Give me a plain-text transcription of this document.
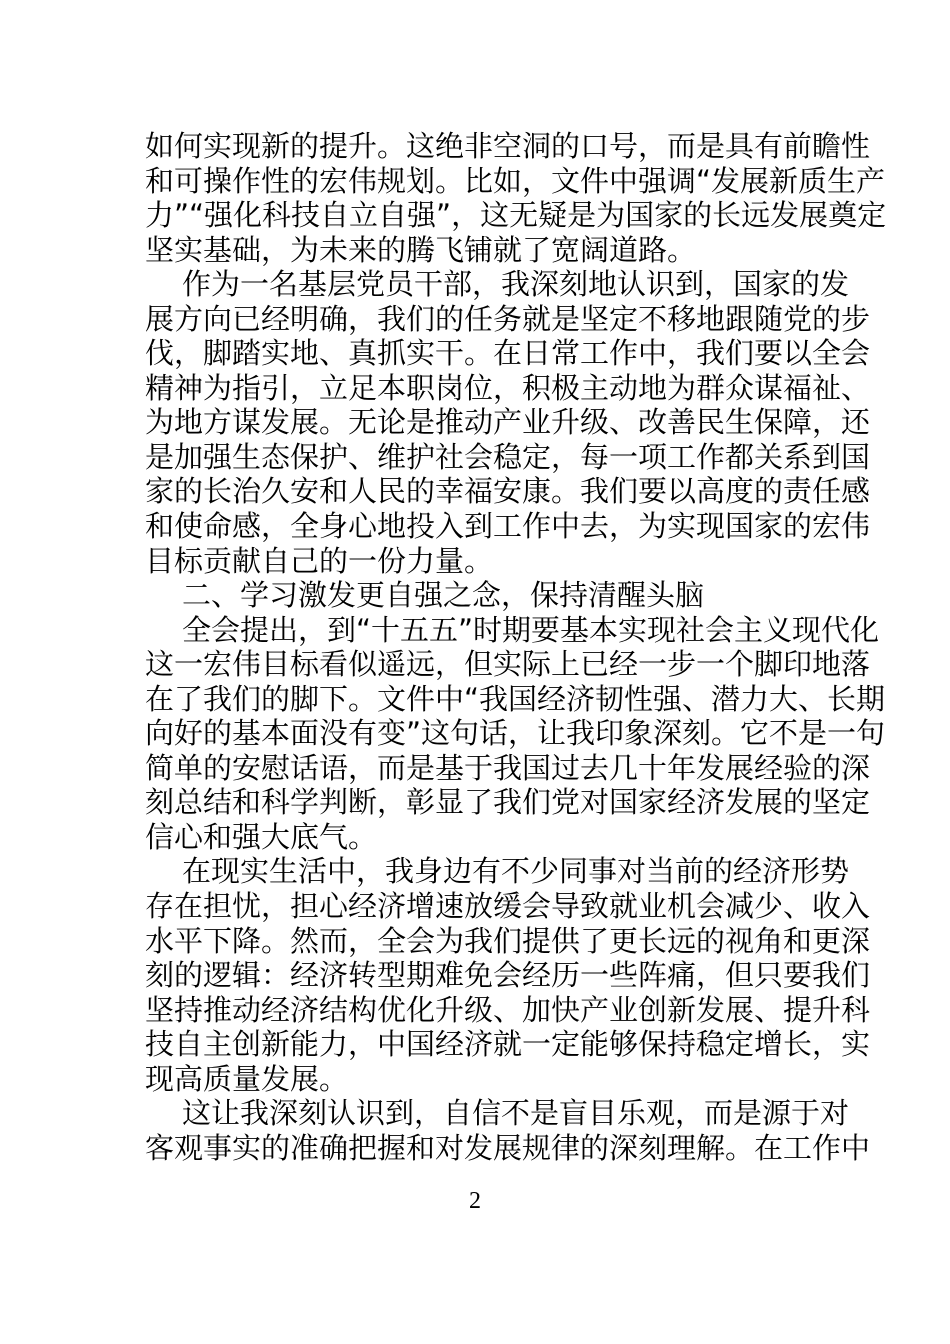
如何实现新的提升。这绝非空洞的口号，而是具有前瞻性
和可操作性的宏伟规划。比如，文件中强调“发展新质生产
力”“强化科技自立自强”，这无疑是为国家的长远发展奠定
坚实基础，为未来的腾飞铺就了宽阔道路。
作为一名基层党员干部，我深刻地认识到，国家的发
展方向已经明确，我们的任务就是坚定不移地跟随党的步
伐，脚踏实地、真抓实干。在日常工作中，我们要以全会
精神为指引，立足本职岗位，积极主动地为群众谋福祉、
为地方谋发展。无论是推动产业升级、改善民生保障，还
是加强生态保护、维护社会稳定，每一项工作都关系到国
家的长治久安和人民的幸福安康。我们要以高度的责任感
和使命感，全身心地投入到工作中去，为实现国家的宏伟
目标贡献自己的一份力量。
二、学习激发更自强之念，保持清醒头脑
全会提出，到“十五五”时期要基本实现社会主义现代化
这一宏伟目标看似遥远，但实际上已经一步一个脚印地落
在了我们的脚下。文件中“我国经济韧性强、潜力大、长期
向好的基本面没有变”这句话，让我印象深刻。它不是一句
简单的安慰话语，而是基于我国过去几十年发展经验的深
刻总结和科学判断，彰显了我们党对国家经济发展的坚定
信心和强大底气。
在现实生活中，我身边有不少同事对当前的经济形势
存在担忧，担心经济增速放缓会导致就业机会减少、收入
水平下降。然而，全会为我们提供了更长远的视角和更深
刻的逻辑：经济转型期难免会经历一些阵痛，但只要我们
坚持推动经济结构优化升级、加快产业创新发展、提升科
技自主创新能力，中国经济就一定能够保持稳定增长，实
现高质量发展。
这让我深刻认识到，自信不是盲目乐观，而是源于对
客观事实的准确把握和对发展规律的深刻理解。在工作中
2
